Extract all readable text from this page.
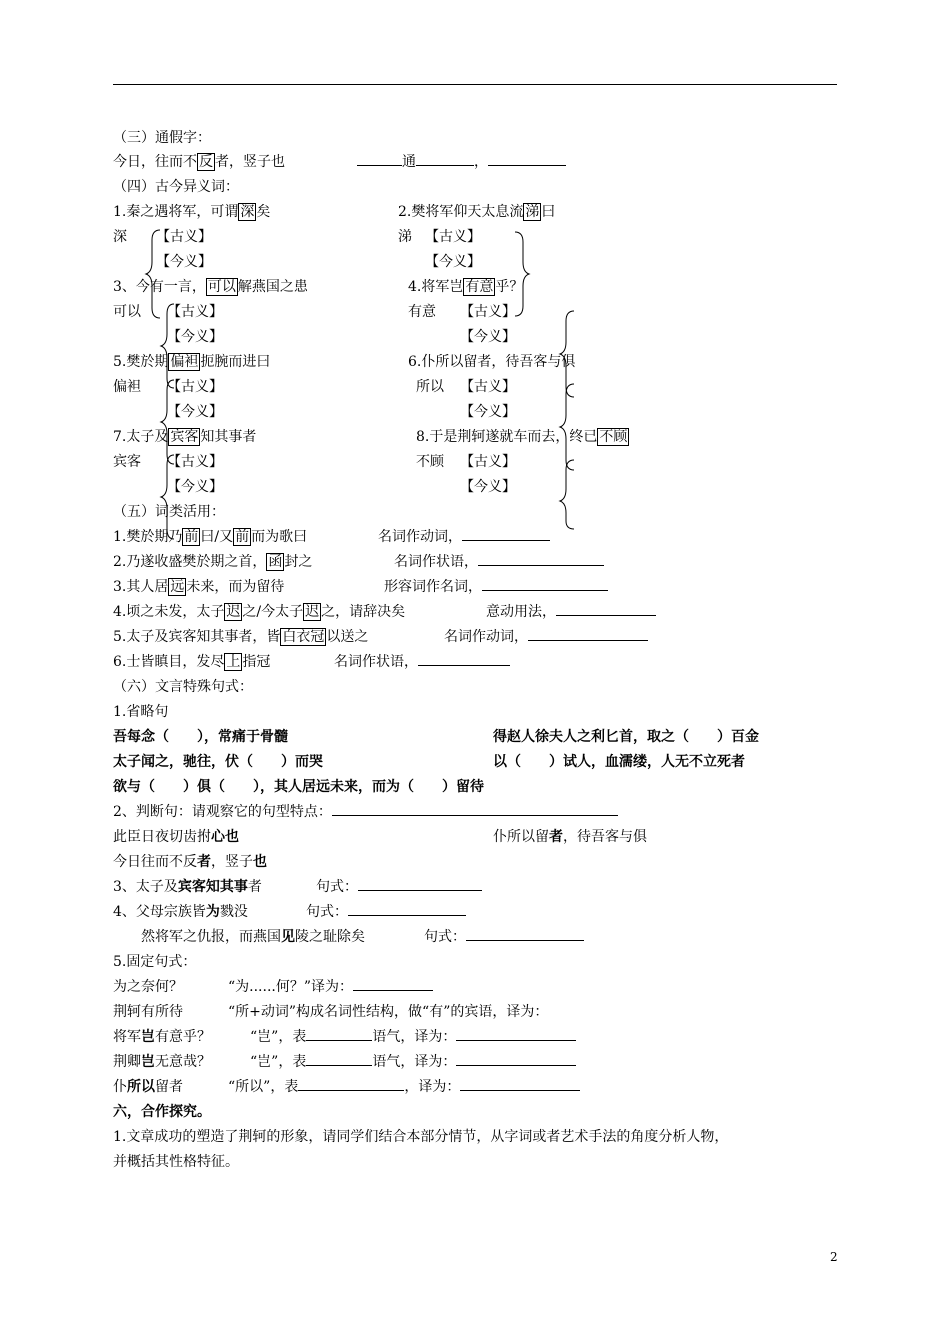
（三）通假字：
今日，往而不 反 者，竖子也	通	，
（四）古今异义词：
1.秦之遇将军，可谓 深 矣	2.樊将军仰天太息流 涕 曰
深 【古义】	涕 【古义】
【今义】	【今义】
3、今有一言， 可以 解燕国之患	4.将军岂 有意 乎？
可以 【古义】	有意 【古义】
【今义】	【今义】
5.樊於期 偏袒 扼腕而进曰	6.仆所以留者，待吾客与俱
偏袒 【古义】	所以 【古义】
【今义】	【今义】
7.太子及 宾客 知其事者	8.于是荆轲遂就车而去，终已 不顾
宾客 【古义】	不顾 【古义】
【今义】	【今义】
（五）词类活用：
1.樊於期乃 前 曰/又 前 而为歌曰	名词作动词，
2.乃遂收盛樊於期之首， 函 封之	名词作状语，
3.其人居 远 未来，而为留待	形容词作名词，
4.顷之未发，太子 迟 之/今太子 迟 之，请辞决矣	意动用法，
5.太子及宾客知其事者，皆 白衣冠 以送之	名词作动词，
6.士皆瞋目，发尽 上 指冠	名词作状语，
（六）文言特殊句式：
1.省略句
吾每念（　　），常痛于骨髓	得赵人徐夫人之利匕首，取之（　　）百金
太子闻之，驰往，伏（　　）而哭	以（　　）试人，血濡缕，人无不立死者
欲与（　　）俱（　　），其人居远未来，而为（　　）留待
2、判断句：请观察它的句型特点：
此臣日夜切齿拊心也	仆所以留者，待吾客与俱
今日往而不反者，竖子也
3、太子及宾客知其事者	句式：
4、父母宗族皆为戮没	句式：
然将军之仇报，而燕国见陵之耻除矣	句式：
5.固定句式：
为之奈何？	“为......何？”译为：
荆轲有所待	“所+动词”构成名词性结构，做“有”的宾语，译为：
将军岂有意乎？	“岂”，表	语气，译为：
荆卿岂无意哉？	“岂”，表	语气，译为：
仆所以留者	“所以”，表	，译为：
六，合作探究。
1.文章成功的塑造了荆轲的形象，请同学们结合本部分情节，从字词或者艺术手法的角度分析人物，
并概括其性格特征。
2
